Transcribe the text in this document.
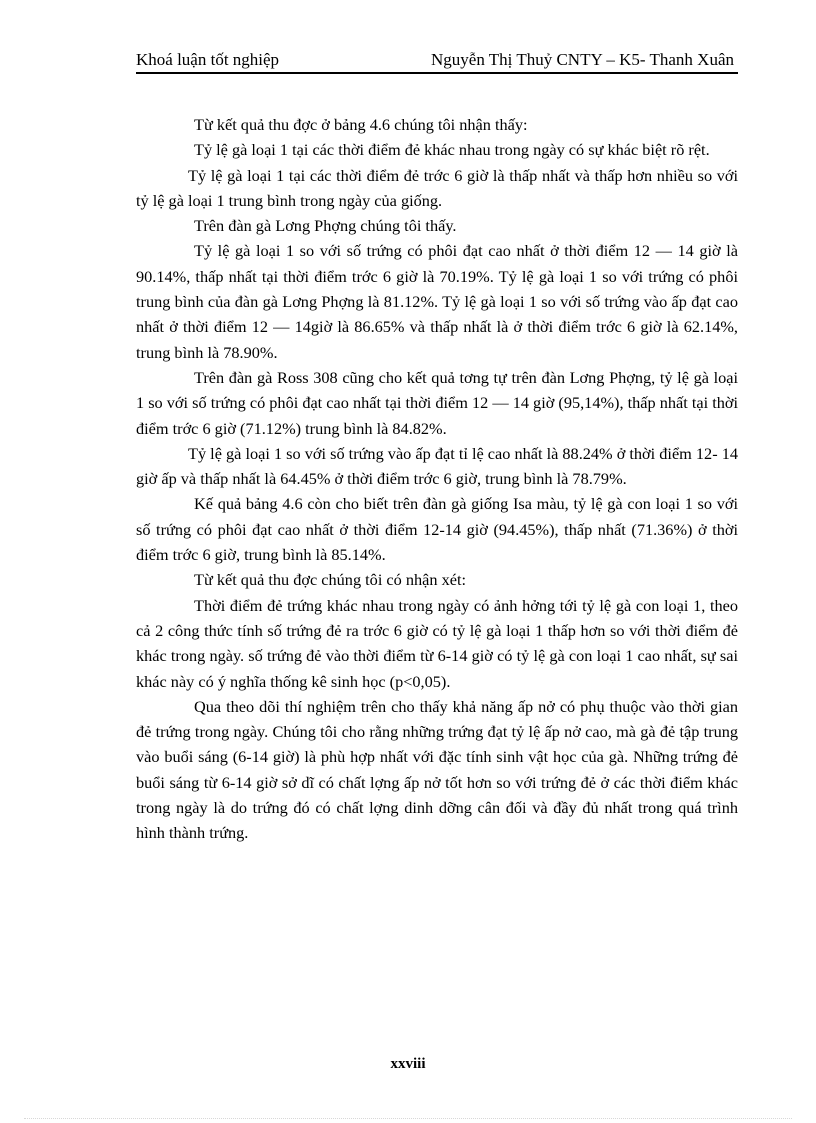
Khoá luận tốt nghiệp	Nguyễn Thị Thuỷ CNTY – K5- Thanh Xuân

Từ kết quả thu đợc ở bảng 4.6 chúng tôi nhận thấy:

Tỷ lệ gà loại 1 tại các thời điểm đẻ khác nhau trong ngày có sự khác biệt rõ rệt.

Tỷ lệ gà loại 1 tại các thời điểm đẻ trớc 6 giờ là thấp nhất và thấp hơn nhiều so với tỷ lệ gà loại 1 trung bình trong ngày của giống.

Trên đàn gà Lơng Phợng chúng tôi thấy.

Tỷ lệ gà loại 1 so với số trứng có phôi đạt cao nhất ở thời điểm 12 — 14 giờ là 90.14%, thấp nhất tại thời điểm trớc 6 giờ là 70.19%. Tỷ lệ gà loại 1 so với trứng có phôi trung bình của đàn gà Lơng Phợng là 81.12%. Tỷ lệ gà loại 1 so với số trứng vào ấp đạt cao nhất ở thời điểm 12 — 14giờ là 86.65% và thấp nhất là ở thời điểm trớc 6 giờ là 62.14%, trung bình là 78.90%.

Trên đàn gà Ross 308 cũng cho kết quả tơng tự trên đàn Lơng Phợng, tỷ lệ gà loại 1 so với số trứng có phôi đạt cao nhất tại thời điểm 12 — 14 giờ (95,14%), thấp nhất tại thời điểm trớc 6 giờ (71.12%) trung bình là 84.82%.

Tỷ lệ gà loại 1 so với số trứng vào ấp đạt tỉ lệ cao nhất là 88.24% ở thời điểm 12- 14 giờ ấp và thấp nhất là 64.45% ở thời điểm trớc 6 giờ, trung bình là 78.79%.

Kế quả bảng 4.6 còn cho biết trên đàn gà giống Isa màu, tỷ lệ gà con loại 1 so với số trứng có phôi đạt cao nhất ở thời điểm 12-14 giờ (94.45%), thấp nhất (71.36%) ở thời điểm trớc 6 giờ, trung bình là 85.14%.

Từ kết quả thu đợc chúng tôi có nhận xét:

Thời điểm đẻ trứng khác nhau trong ngày có ảnh hởng tới tỷ lệ gà con loại 1, theo cả 2 công thức tính số trứng đẻ ra trớc 6 giờ có tỷ lệ gà loại 1 thấp hơn so với thời điểm đẻ khác trong ngày. số trứng đẻ vào thời điểm từ 6-14 giờ có tỷ lệ gà con loại 1 cao nhất, sự sai khác này có ý nghĩa thống kê sinh học (p<0,05).

Qua theo dõi thí nghiệm trên cho thấy khả năng ấp nở có phụ thuộc vào thời gian đẻ trứng trong ngày. Chúng tôi cho rằng những trứng đạt tỷ lệ ấp nở cao, mà gà đẻ tập trung vào buổi sáng (6-14 giờ) là phù hợp nhất với đặc tính sinh vật học của gà. Những trứng đẻ buổi sáng từ 6-14 giờ sở dĩ có chất lợng ấp nở tốt hơn so với trứng đẻ ở các thời điểm khác trong ngày là do trứng đó có chất lợng dinh dỡng cân đối và đầy đủ nhất trong quá trình hình thành trứng.

xxviii
